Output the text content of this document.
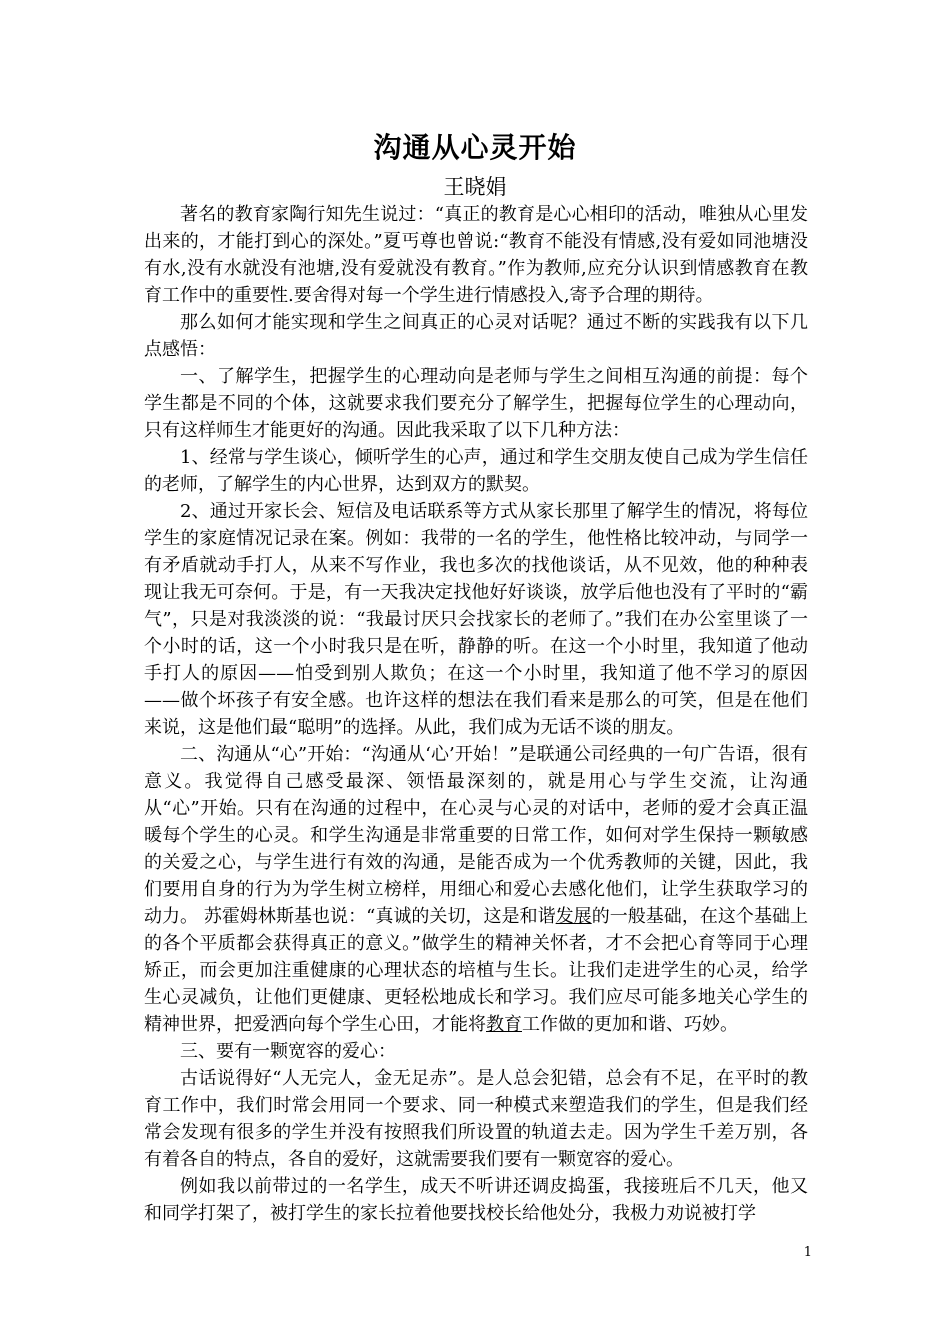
沟通从心灵开始
王晓娟

著名的教育家陶行知先生说过：“真正的教育是心心相印的活动，唯独从心里发出来的，才能打到心的深处。”夏丐尊也曾说:“教育不能没有情感,没有爱如同池塘没有水,没有水就没有池塘,没有爱就没有教育。”作为教师,应充分认识到情感教育在教育工作中的重要性.要舍得对每一个学生进行情感投入,寄予合理的期待。

那么如何才能实现和学生之间真正的心灵对话呢？通过不断的实践我有以下几点感悟：

一、了解学生，把握学生的心理动向是老师与学生之间相互沟通的前提：每个学生都是不同的个体，这就要求我们要充分了解学生，把握每位学生的心理动向，只有这样师生才能更好的沟通。因此我采取了以下几种方法：

1、经常与学生谈心，倾听学生的心声，通过和学生交朋友使自己成为学生信任的老师，了解学生的内心世界，达到双方的默契。

2、通过开家长会、短信及电话联系等方式从家长那里了解学生的情况，将每位学生的家庭情况记录在案。例如：我带的一名的学生，他性格比较冲动，与同学一有矛盾就动手打人，从来不写作业，我也多次的找他谈话，从不见效，他的种种表现让我无可奈何。于是，有一天我决定找他好好谈谈，放学后他也没有了平时的“霸气”，只是对我淡淡的说：“我最讨厌只会找家长的老师了。”我们在办公室里谈了一个小时的话，这一个小时我只是在听，静静的听。在这一个小时里，我知道了他动手打人的原因——怕受到别人欺负；在这一个小时里，我知道了他不学习的原因——做个坏孩子有安全感。也许这样的想法在我们看来是那么的可笑，但是在他们来说，这是他们最“聪明”的选择。从此，我们成为无话不谈的朋友。

二、沟通从“心”开始：“沟通从‘心’开始！”是联通公司经典的一句广告语，很有意义。我觉得自己感受最深、领悟最深刻的，就是用心与学生交流，让沟通从“心”开始。只有在沟通的过程中，在心灵与心灵的对话中，老师的爱才会真正温暖每个学生的心灵。和学生沟通是非常重要的日常工作，如何对学生保持一颗敏感的关爱之心，与学生进行有效的沟通，是能否成为一个优秀教师的关键，因此，我们要用自身的行为为学生树立榜样，用细心和爱心去感化他们，让学生获取学习的动力。 苏霍姆林斯基也说：“真诚的关切，这是和谐发展的一般基础，在这个基础上的各个平质都会获得真正的意义。”做学生的精神关怀者，才不会把心育等同于心理矫正，而会更加注重健康的心理状态的培植与生长。让我们走进学生的心灵，给学生心灵减负，让他们更健康、更轻松地成长和学习。我们应尽可能多地关心学生的精神世界，把爱洒向每个学生心田，才能将教育工作做的更加和谐、巧妙。

三、要有一颗宽容的爱心：

古话说得好“人无完人，金无足赤”。是人总会犯错，总会有不足，在平时的教育工作中，我们时常会用同一个要求、同一种模式来塑造我们的学生，但是我们经常会发现有很多的学生并没有按照我们所设置的轨道去走。因为学生千差万别，各有着各自的特点，各自的爱好，这就需要我们要有一颗宽容的爱心。

例如我以前带过的一名学生，成天不听讲还调皮捣蛋，我接班后不几天，他又和同学打架了，被打学生的家长拉着他要找校长给他处分，我极力劝说被打学

1
